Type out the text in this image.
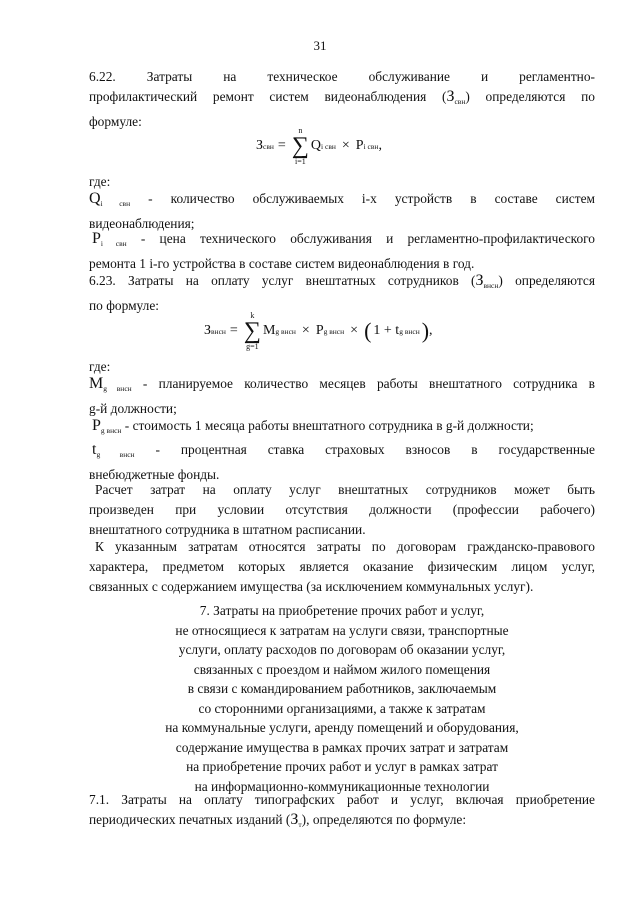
31
6.22. Затраты на техническое обслуживание и регламентно-
профилактический ремонт систем видеонаблюдения $(З_{свн})$ определяются по
формуле:
З свн =
n
∑
i=1
Q i свн × P i свн ,
где:
$Q_{i свн}$ - количество обслуживаемых i-х устройств в составе систем
видеонаблюдения;
$P_{i свн}$ - цена технического обслуживания и регламентно-профилактического
ремонта 1 i-го устройства в составе систем видеонаблюдения в год.
6.23. Затраты на оплату услуг внештатных сотрудников $(З_{внсн})$ определяются
по формуле:
З внсн =
k
∑
g=1
M g внсн × P g внсн × ( 1 + t g внсн ) ,
где:
$M_{g внсн}$ - планируемое количество месяцев работы внештатного сотрудника в
g-й должности;
$P_{g внсн}$ - стоимость 1 месяца работы внештатного сотрудника в g-й должности;
$t_{g внсн}$ - процентная ставка страховых взносов в государственные
внебюджетные фонды.
Расчет затрат на оплату услуг внештатных сотрудников может быть
произведен при условии отсутствия должности (профессии рабочего)
внештатного сотрудника в штатном расписании.
К указанным затратам относятся затраты по договорам гражданско-правового
характера, предметом которых является оказание физическим лицом услуг,
связанных с содержанием имущества (за исключением коммунальных услуг).
7. Затраты на приобретение прочих работ и услуг,
не относящиеся к затратам на услуги связи, транспортные
услуги, оплату расходов по договорам об оказании услуг,
связанных с проездом и наймом жилого помещения
в связи с командированием работников, заключаемым
со сторонними организациями, а также к затратам
на коммунальные услуги, аренду помещений и оборудования,
содержание имущества в рамках прочих затрат и затратам
на приобретение прочих работ и услуг в рамках затрат
на информационно-коммуникационные технологии
7.1. Затраты на оплату типографских работ и услуг, включая приобретение
периодических печатных изданий $(З_т)$, определяются по формуле:
